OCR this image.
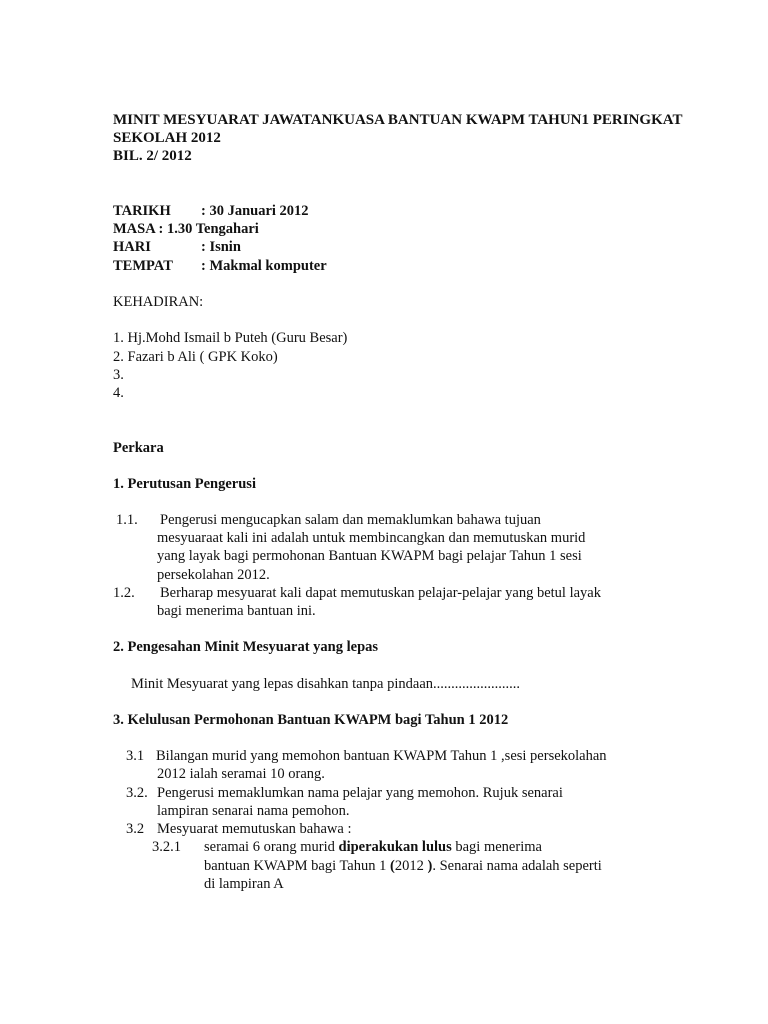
MINIT MESYUARAT JAWATANKUASA BANTUAN KWAPM TAHUN1 PERINGKAT
SEKOLAH 2012
BIL. 2/ 2012
TARIKH : 30 Januari 2012
MASA : 1.30 Tengahari
HARI	: Isnin
TEMPAT : Makmal komputer
KEHADIRAN:
1. Hj.Mohd Ismail b Puteh (Guru Besar)
2. Fazari b Ali ( GPK Koko)
3.
4.
Perkara
1. Perutusan Pengerusi
1.1. Pengerusi mengucapkan salam dan memaklumkan bahawa tujuan
mesyuaraat kali ini adalah untuk membincangkan dan memutuskan murid
yang layak bagi permohonan Bantuan KWAPM bagi pelajar Tahun 1 sesi
persekolahan 2012.
1.2. Berharap mesyuarat kali dapat memutuskan pelajar-pelajar yang betul layak
bagi menerima bantuan ini.
2. Pengesahan Minit Mesyuarat yang lepas
Minit Mesyuarat yang lepas disahkan tanpa pindaan........................
3. Kelulusan Permohonan Bantuan KWAPM bagi Tahun 1 2012
3.1 Bilangan murid yang memohon bantuan KWAPM Tahun 1 ,sesi persekolahan
2012 ialah seramai 10 orang.
3.2. Pengerusi memaklumkan nama pelajar yang memohon. Rujuk senarai
lampiran senarai nama pemohon.
3.2 Mesyuarat memutuskan bahawa :
3.2.1 seramai 6 orang murid diperakukan lulus bagi menerima
bantuan KWAPM bagi Tahun 1 (2012 ). Senarai nama adalah seperti
di lampiran A
